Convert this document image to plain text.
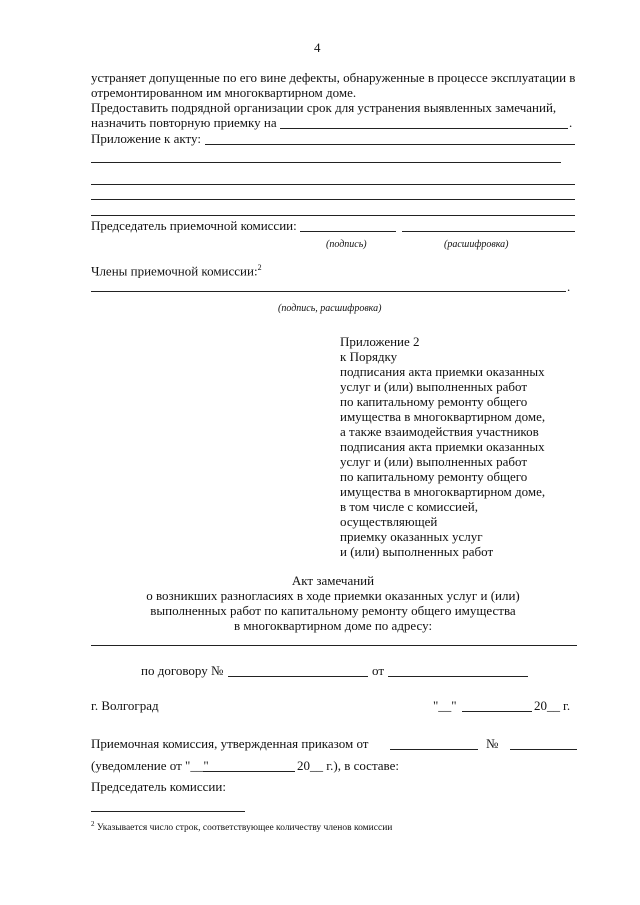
4
устраняет допущенные по его вине дефекты, обнаруженные в процессе эксплуатации в
отремонтированном им многоквартирном доме.
Предоставить подрядной организации срок для устранения выявленных замечаний,
назначить повторную приемку на	.
Приложение к акту:
Председатель приемочной комиссии:
(подпись)	(расшифровка)
Члены приемочной комиссии:$^2$
.
(подпись, расшифровка)
Приложение 2
к Порядку
подписания акта приемки оказанных
услуг и (или) выполненных работ
по капитальному ремонту общего
имущества в многоквартирном доме,
а также взаимодействия участников
подписания акта приемки оказанных
услуг и (или) выполненных работ
по капитальному ремонту общего
имущества в многоквартирном доме,
в том числе с комиссией,
осуществляющей
приемку оказанных услуг
и (или) выполненных работ
Акт замечаний
о возникших разногласиях в ходе приемки оказанных услуг и (или)
выполненных работ по капитальному ремонту общего имущества
в многоквартирном доме по адресу:
по договору №	от
г. Волгоград	"__"	20__ г.
Приемочная комиссия, утвержденная приказом от	№
(уведомление от "__"	20__ г.), в составе:
Председатель комиссии:
$^2$ Указывается число строк, соответствующее количеству членов комиссии
